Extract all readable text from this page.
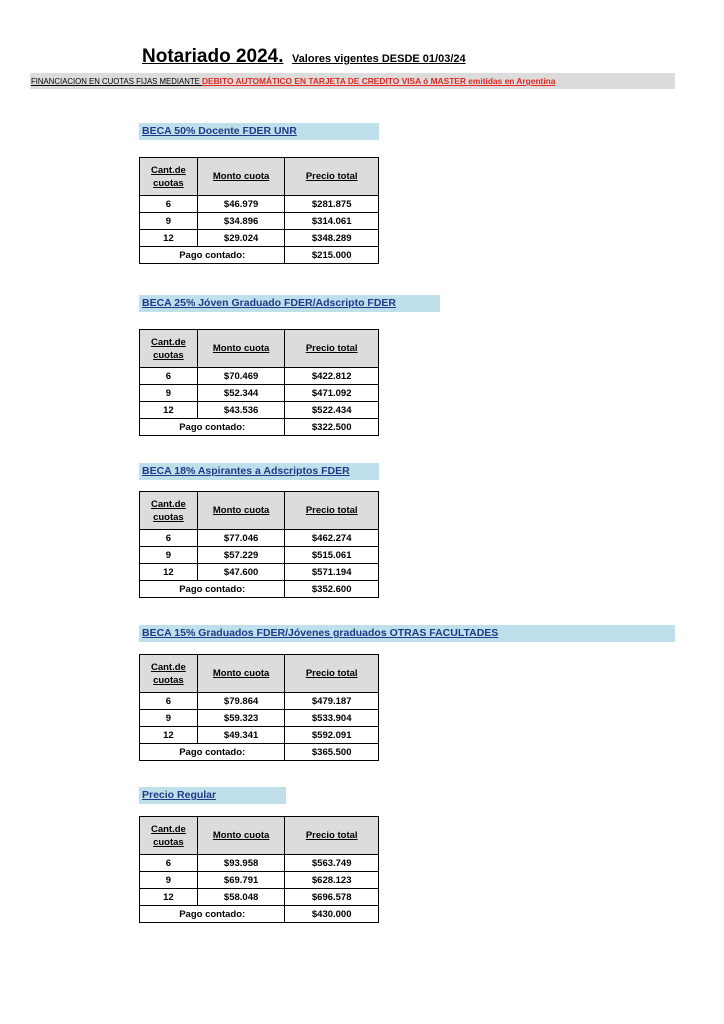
Notariado 2024. Valores vigentes DESDE 01/03/24
FINANCIACION EN CUOTAS FIJAS MEDIANTE DEBITO AUTOMÁTICO EN TARJETA DE CREDITO VISA ó MASTER emitidas en Argentina
BECA 50% Docente FDER UNR
Cant.de
cuotas	Monto cuota	Precio total
6	$46.979	$281.875
9	$34.896	$314.061
12	$29.024	$348.289
Pago contado:		$215.000
BECA 25% Jóven Graduado FDER/Adscripto FDER
Cant.de
cuotas	Monto cuota	Precio total
6	$70.469	$422.812
9	$52.344	$471.092
12	$43.536	$522.434
Pago contado:		$322.500
BECA 18% Aspirantes a Adscriptos FDER
Cant.de
cuotas	Monto cuota	Precio total
6	$77.046	$462.274
9	$57.229	$515.061
12	$47.600	$571.194
Pago contado:		$352.600
BECA 15% Graduados FDER/Jóvenes graduados OTRAS FACULTADES
Cant.de
cuotas	Monto cuota	Precio total
6	$79.864	$479.187
9	$59.323	$533.904
12	$49.341	$592.091
Pago contado:		$365.500
Precio Regular
Cant.de
cuotas	Monto cuota	Precio total
6	$93.958	$563.749
9	$69.791	$628.123
12	$58.048	$696.578
Pago contado:		$430.000
